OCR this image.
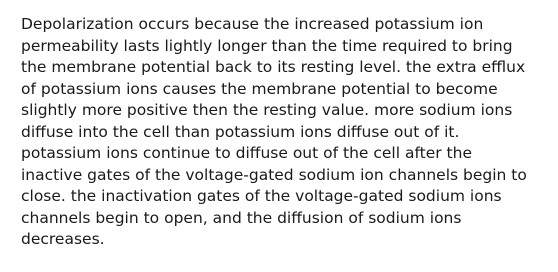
Depolarization occurs because the increased potassium ion
permeability lasts lightly longer than the time required to bring
the membrane potential back to its resting level. the extra efflux
of potassium ions causes the membrane potential to become
slightly more positive then the resting value. more sodium ions
diffuse into the cell than potassium ions diffuse out of it.
potassium ions continue to diffuse out of the cell after the
inactive gates of the voltage-gated sodium ion channels begin to
close. the inactivation gates of the voltage-gated sodium ions
channels begin to open, and the diffusion of sodium ions
decreases.
